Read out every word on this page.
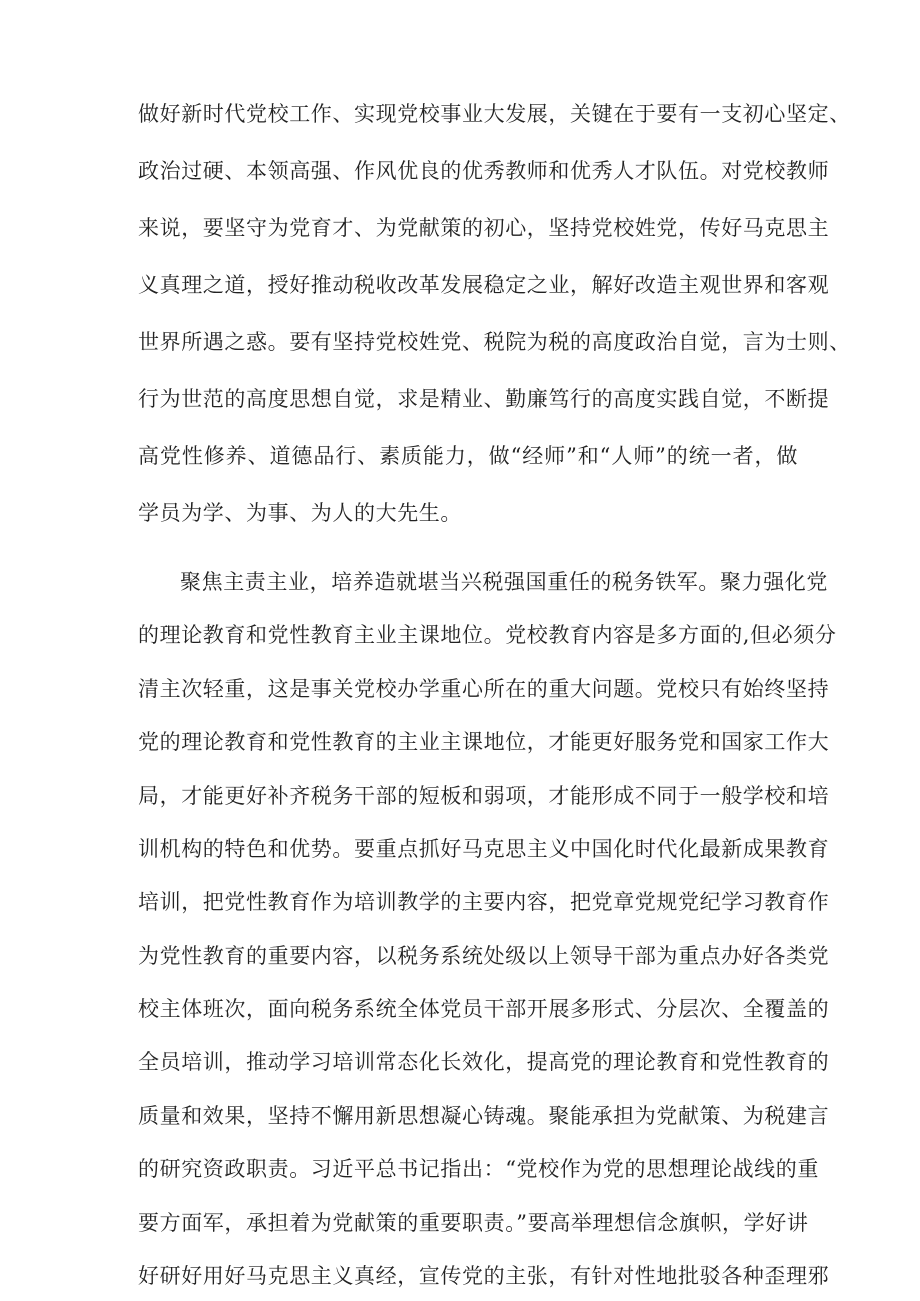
做好新时代党校工作、实现党校事业大发展，关键在于要有一支初心坚定、
政治过硬、本领高强、作风优良的优秀教师和优秀人才队伍。对党校教师
来说，要坚守为党育才、为党献策的初心，坚持党校姓党，传好马克思主
义真理之道，授好推动税收改革发展稳定之业，解好改造主观世界和客观
世界所遇之惑。要有坚持党校姓党、税院为税的高度政治自觉，言为士则、
行为世范的高度思想自觉，求是精业、勤廉笃行的高度实践自觉，不断提
高党性修养、道德品行、素质能力，做“经师”和“人师”的统一者，做
学员为学、为事、为人的大先生。
聚焦主责主业，培养造就堪当兴税强国重任的税务铁军。聚力强化党
的理论教育和党性教育主业主课地位。党校教育内容是多方面的,但必须分
清主次轻重，这是事关党校办学重心所在的重大问题。党校只有始终坚持
党的理论教育和党性教育的主业主课地位，才能更好服务党和国家工作大
局，才能更好补齐税务干部的短板和弱项，才能形成不同于一般学校和培
训机构的特色和优势。要重点抓好马克思主义中国化时代化最新成果教育
培训，把党性教育作为培训教学的主要内容，把党章党规党纪学习教育作
为党性教育的重要内容，以税务系统处级以上领导干部为重点办好各类党
校主体班次，面向税务系统全体党员干部开展多形式、分层次、全覆盖的
全员培训，推动学习培训常态化长效化，提高党的理论教育和党性教育的
质量和效果，坚持不懈用新思想凝心铸魂。聚能承担为党献策、为税建言
的研究资政职责。习近平总书记指出：“党校作为党的思想理论战线的重
要方面军，承担着为党献策的重要职责。”要高举理想信念旗帜，学好讲
好研好用好马克思主义真经，宣传党的主张，有针对性地批驳各种歪理邪
